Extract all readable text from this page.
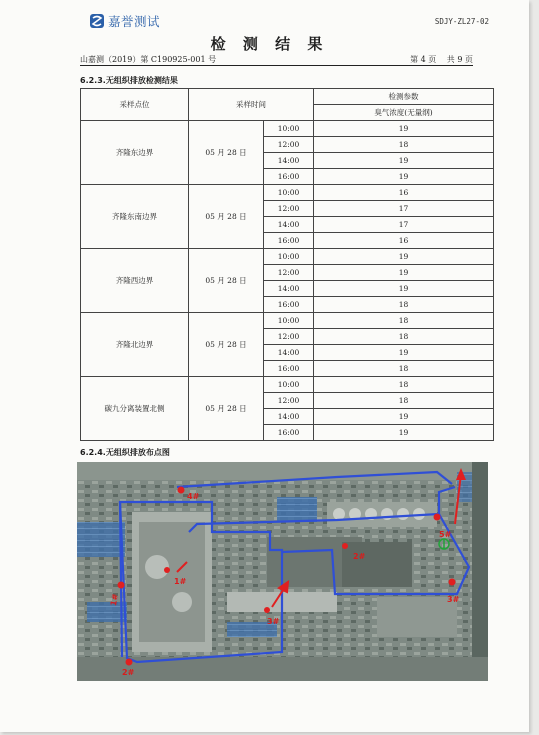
嘉誉测试	SDJY-ZL27-02
检 测 结 果
山嘉测（2019）第 C190925-001 号	第 4 页　 共 9 页
6.2.3.无组织排放检测结果
采样点位	采样时间		检测参数
			臭气浓度(无量纲)
齐隆东边界	05 月 28 日	10:00	19
		12:00	18
		14:00	19
		16:00	19
齐隆东南边界	05 月 28 日	10:00	16
		12:00	17
		14:00	17
		16:00	16
齐隆西边界	05 月 28 日	10:00	19
		12:00	19
		14:00	19
		16:00	18
齐隆北边界	05 月 28 日	10:00	18
		12:00	18
		14:00	19
		16:00	18
碳九分离装置北侧	05 月 28 日	10:00	18
		12:00	18
		14:00	19
		16:00	19
6.2.4.无组织排放布点图
4#
1#
2#
3#
5#
1#
2#
3#
